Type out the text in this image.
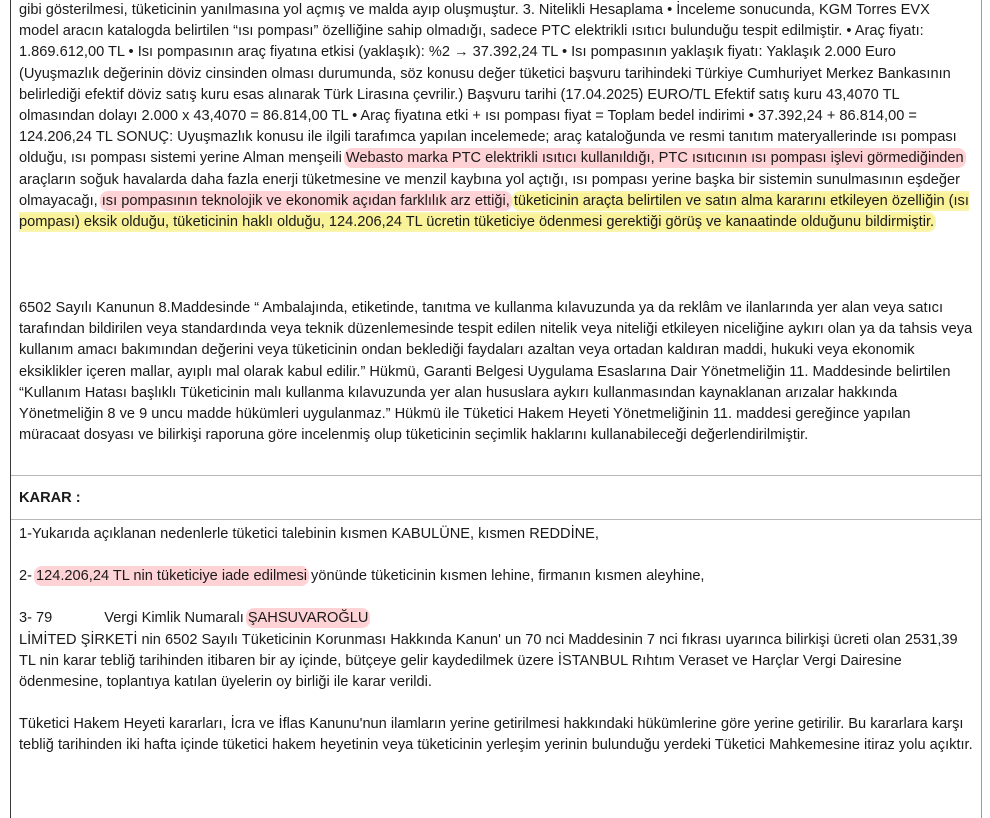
gibi gösterilmesi, tüketicinin yanılmasına yol açmış ve malda ayıp oluşmuştur. 3. Nitelikli Hesaplama • İnceleme sonucunda, KGM Torres EVX model aracın katalogda belirtilen “ısı pompası” özelliğine sahip olmadığı, sadece PTC elektrikli ısıtıcı bulunduğu tespit edilmiştir. • Araç fiyatı: 1.869.612,00 TL • Isı pompasının araç fiyatına etkisi (yaklaşık): %2 → 37.392,24 TL • Isı pompasının yaklaşık fiyatı: Yaklaşık 2.000 Euro (Uyuşmazlık değerinin döviz cinsinden olması durumunda, söz konusu değer tüketici başvuru tarihindeki Türkiye Cumhuriyet Merkez Bankasının belirlediği efektif döviz satış kuru esas alınarak Türk Lirasına çevrilir.) Başvuru tarihi (17.04.2025) EURO/TL Efektif satış kuru 43,4070 TL olmasından dolayı 2.000 x 43,4070 = 86.814,00 TL • Araç fiyatına etki + ısı pompası fiyat = Toplam bedel indirimi • 37.392,24 + 86.814,00 = 124.206,24 TL SONUÇ: Uyuşmazlık konusu ile ilgili tarafımca yapılan incelemede; araç kataloğunda ve resmi tanıtım materyallerinde ısı pompası olduğu, ısı pompası sistemi yerine Alman menşeili Webasto marka PTC elektrikli ısıtıcı kullanıldığı, PTC ısıtıcının ısı pompası işlevi görmediğinden araçların soğuk havalarda daha fazla enerji tüketmesine ve menzil kaybına yol açtığı, ısı pompası yerine başka bir sistemin sunulmasının eşdeğer olmayacağı, ısı pompasının teknolojik ve ekonomik açıdan farklılık arz ettiği, tüketicinin araçta belirtilen ve satın alma kararını etkileyen özelliğin (ısı pompası) eksik olduğu, tüketicinin haklı olduğu, 124.206,24 TL ücretin tüketiciye ödenmesi gerektiği görüş ve kanaatinde olduğunu bildirmiştir.

6502 Sayılı Kanunun 8.Maddesinde “ Ambalajında, etiketinde, tanıtma ve kullanma kılavuzunda ya da reklâm ve ilanlarında yer alan veya satıcı tarafından bildirilen veya standardında veya teknik düzenlemesinde tespit edilen nitelik veya niteliği etkileyen niceliğine aykırı olan ya da tahsis veya kullanım amacı bakımından değerini veya tüketicinin ondan beklediği faydaları azaltan veya ortadan kaldıran maddi, hukuki veya ekonomik eksiklikler içeren mallar, ayıplı mal olarak kabul edilir.” Hükmü, Garanti Belgesi Uygulama Esaslarına Dair Yönetmeliğin 11. Maddesinde belirtilen “Kullanım Hatası başlıklı Tüketicinin malı kullanma kılavuzunda yer alan hususlara aykırı kullanmasından kaynaklanan arızalar hakkında Yönetmeliğin 8 ve 9 uncu madde hükümleri uygulanmaz.” Hükmü ile Tüketici Hakem Heyeti Yönetmeliğinin 11. maddesi gereğince yapılan müracaat dosyası ve bilirkişi raporuna göre incelenmiş olup tüketicinin seçimlik haklarını kullanabileceği değerlendirilmiştir.

KARAR :

1-Yukarıda açıklanan nedenlerle tüketici talebinin kısmen KABULÜNE, kısmen REDDİNE,

2- 124.206,24 TL nin tüketiciye iade edilmesi yönünde tüketicinin kısmen lehine, firmanın kısmen aleyhine,

3- 79	Vergi Kimlik Numaralı ŞAHSUVAROĞLU
LİMİTED ŞİRKETİ nin 6502 Sayılı Tüketicinin Korunması Hakkında Kanun' un 70 nci Maddesinin 7 nci fıkrası uyarınca bilirkişi ücreti olan 2531,39 TL nin karar tebliğ tarihinden itibaren bir ay içinde, bütçeye gelir kaydedilmek üzere İSTANBUL Rıhtım Veraset ve Harçlar Vergi Dairesine ödenmesine, toplantıya katılan üyelerin oy birliği ile karar verildi.

Tüketici Hakem Heyeti kararları, İcra ve İflas Kanunu'nun ilamların yerine getirilmesi hakkındaki hükümlerine göre yerine getirilir. Bu kararlara karşı tebliğ tarihinden iki hafta içinde tüketici hakem heyetinin veya tüketicinin yerleşim yerinin bulunduğu yerdeki Tüketici Mahkemesine itiraz yolu açıktır.
